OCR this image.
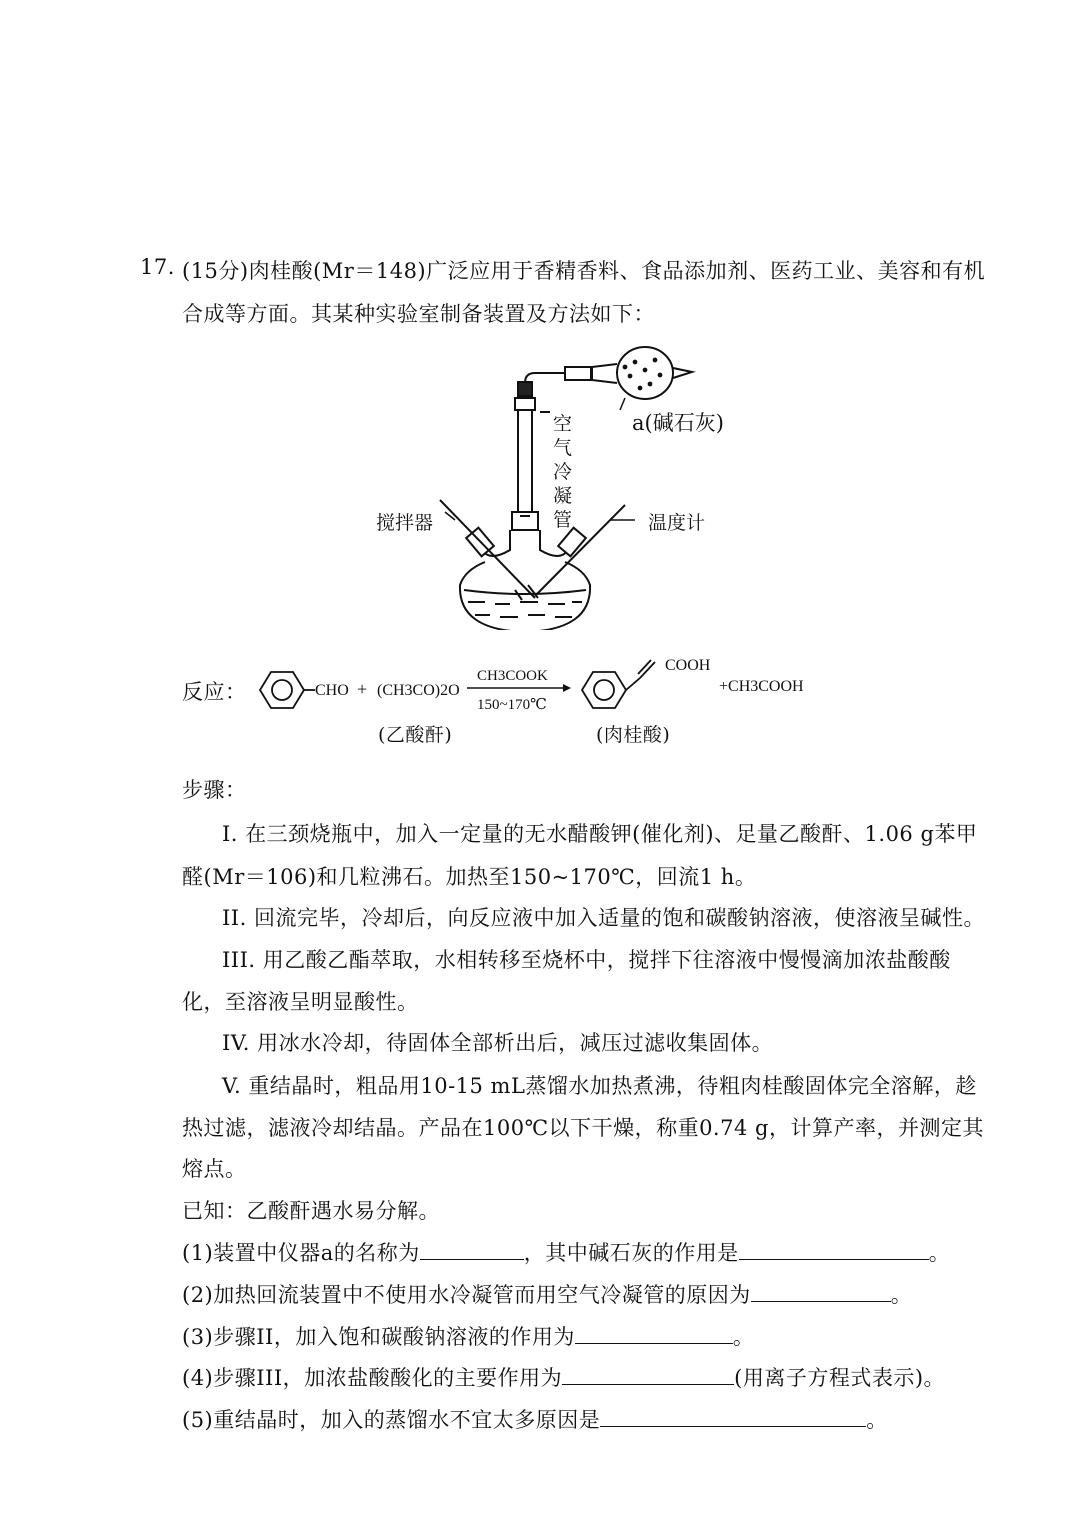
17. (15分)肉桂酸(Mr＝148)广泛应用于香精香料、食品添加剂、医药工业、美容和有机
合成等方面。其某种实验室制备装置及方法如下：
a(碱石灰)
空气冷凝管
搅拌器	温度计
反应：	CHO + (CH3CO)2O
CH3COOK
150~170℃
COOH
+CH3COOH
(乙酸酐)	(肉桂酸)
步骤：
I. 在三颈烧瓶中，加入一定量的无水醋酸钾(催化剂)、足量乙酸酐、1.06 g苯甲
醛(Mr＝106)和几粒沸石。加热至150~170℃，回流1 h。
II. 回流完毕，冷却后，向反应液中加入适量的饱和碳酸钠溶液，使溶液呈碱性。
III. 用乙酸乙酯萃取，水相转移至烧杯中，搅拌下往溶液中慢慢滴加浓盐酸酸
化，至溶液呈明显酸性。
IV. 用冰水冷却，待固体全部析出后，减压过滤收集固体。
V. 重结晶时，粗品用10-15 mL蒸馏水加热煮沸，待粗肉桂酸固体完全溶解，趁
热过滤，滤液冷却结晶。产品在100℃以下干燥，称重0.74 g，计算产率，并测定其
熔点。
已知：乙酸酐遇水易分解。
(1)装置中仪器a的名称为	，其中碱石灰的作用是	。
(2)加热回流装置中不使用水冷凝管而用空气冷凝管的原因为	。
(3)步骤II，加入饱和碳酸钠溶液的作用为	。
(4)步骤III，加浓盐酸酸化的主要作用为	(用离子方程式表示)。
(5)重结晶时，加入的蒸馏水不宜太多原因是	。
